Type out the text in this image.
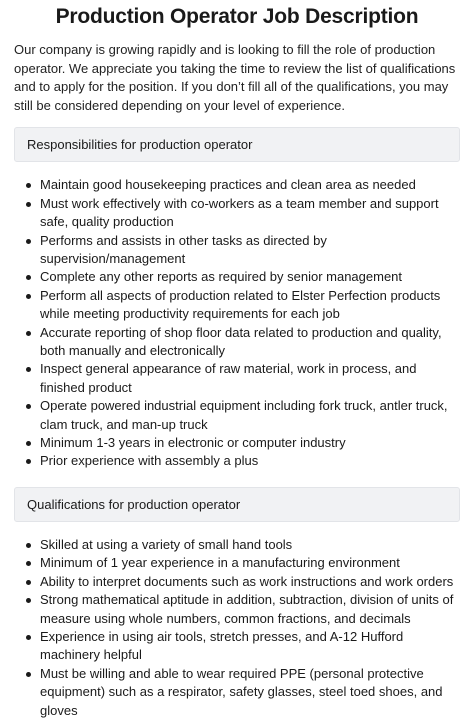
Production Operator Job Description

Our company is growing rapidly and is looking to fill the role of production operator. We appreciate you taking the time to review the list of qualifications and to apply for the position. If you don’t fill all of the qualifications, you may still be considered depending on your level of experience.

Responsibilities for production operator
Maintain good housekeeping practices and clean area as needed
Must work effectively with co-workers as a team member and support safe, quality production
Performs and assists in other tasks as directed by supervision/management
Complete any other reports as required by senior management
Perform all aspects of production related to Elster Perfection products while meeting productivity requirements for each job
Accurate reporting of shop floor data related to production and quality, both manually and electronically
Inspect general appearance of raw material, work in process, and finished product
Operate powered industrial equipment including fork truck, antler truck, clam truck, and man-up truck
Minimum 1-3 years in electronic or computer industry
Prior experience with assembly a plus
Qualifications for production operator
Skilled at using a variety of small hand tools
Minimum of 1 year experience in a manufacturing environment
Ability to interpret documents such as work instructions and work orders
Strong mathematical aptitude in addition, subtraction, division of units of measure using whole numbers, common fractions, and decimals
Experience in using air tools, stretch presses, and A-12 Hufford machinery helpful
Must be willing and able to wear required PPE (personal protective equipment) such as a respirator, safety glasses, steel toed shoes, and gloves
